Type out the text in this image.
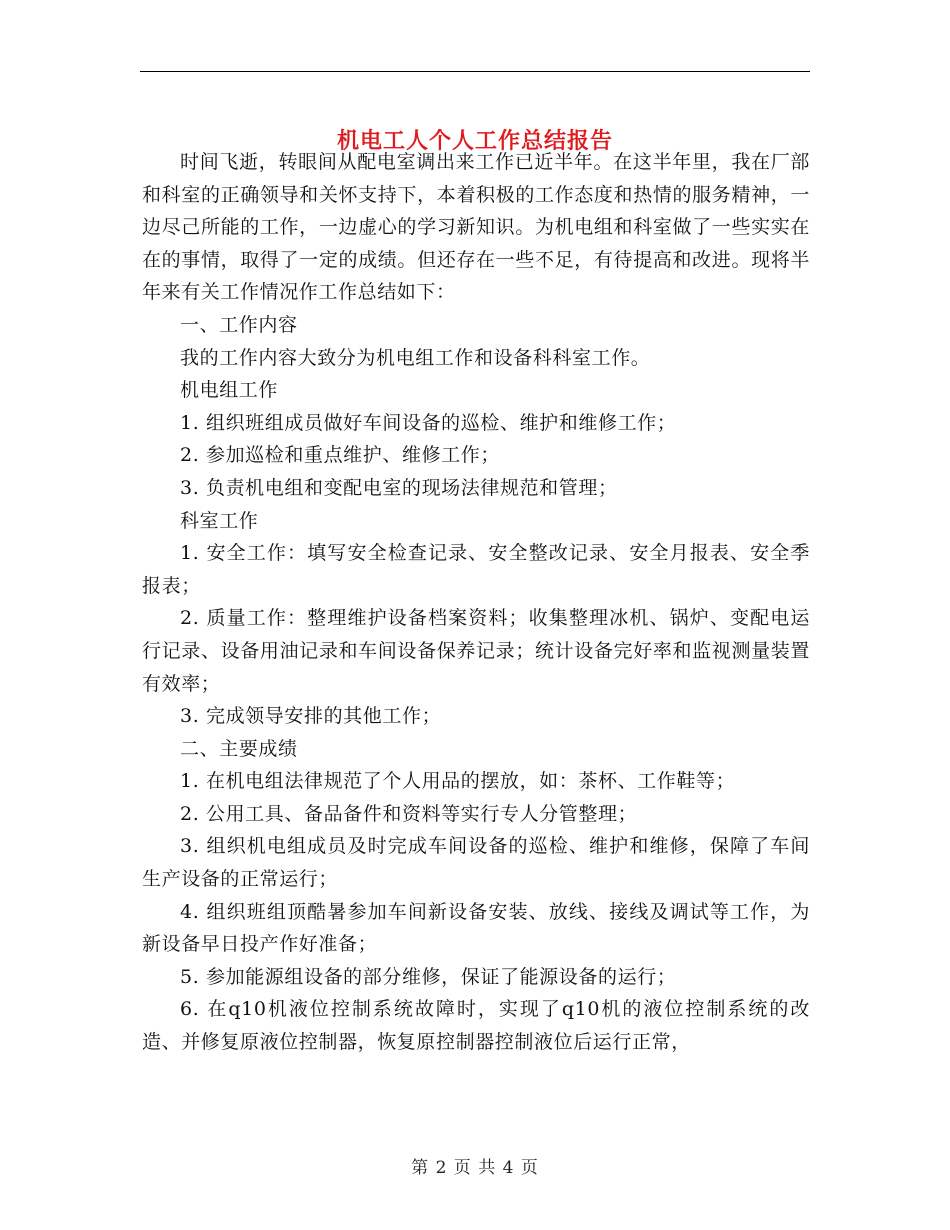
机电工人个人工作总结报告

时间飞逝，转眼间从配电室调出来工作已近半年。在这半年里，我在厂部和科室的正确领导和关怀支持下，本着积极的工作态度和热情的服务精神，一边尽己所能的工作，一边虚心的学习新知识。为机电组和科室做了一些实实在在的事情，取得了一定的成绩。但还存在一些不足，有待提高和改进。现将半年来有关工作情况作工作总结如下：

一、工作内容

我的工作内容大致分为机电组工作和设备科科室工作。

机电组工作

1. 组织班组成员做好车间设备的巡检、维护和维修工作；

2. 参加巡检和重点维护、维修工作；

3. 负责机电组和变配电室的现场法律规范和管理；

科室工作

1. 安全工作：填写安全检查记录、安全整改记录、安全月报表、安全季报表；

2. 质量工作：整理维护设备档案资料；收集整理冰机、锅炉、变配电运行记录、设备用油记录和车间设备保养记录；统计设备完好率和监视测量装置有效率；

3. 完成领导安排的其他工作；

二、主要成绩

1. 在机电组法律规范了个人用品的摆放，如：茶杯、工作鞋等；

2. 公用工具、备品备件和资料等实行专人分管整理；

3. 组织机电组成员及时完成车间设备的巡检、维护和维修，保障了车间生产设备的正常运行；

4. 组织班组顶酷暑参加车间新设备安装、放线、接线及调试等工作，为新设备早日投产作好准备；

5. 参加能源组设备的部分维修，保证了能源设备的运行；

6. 在q10机液位控制系统故障时，实现了q10机的液位控制系统的改造、并修复原液位控制器，恢复原控制器控制液位后运行正常，

第 2 页 共 4 页
